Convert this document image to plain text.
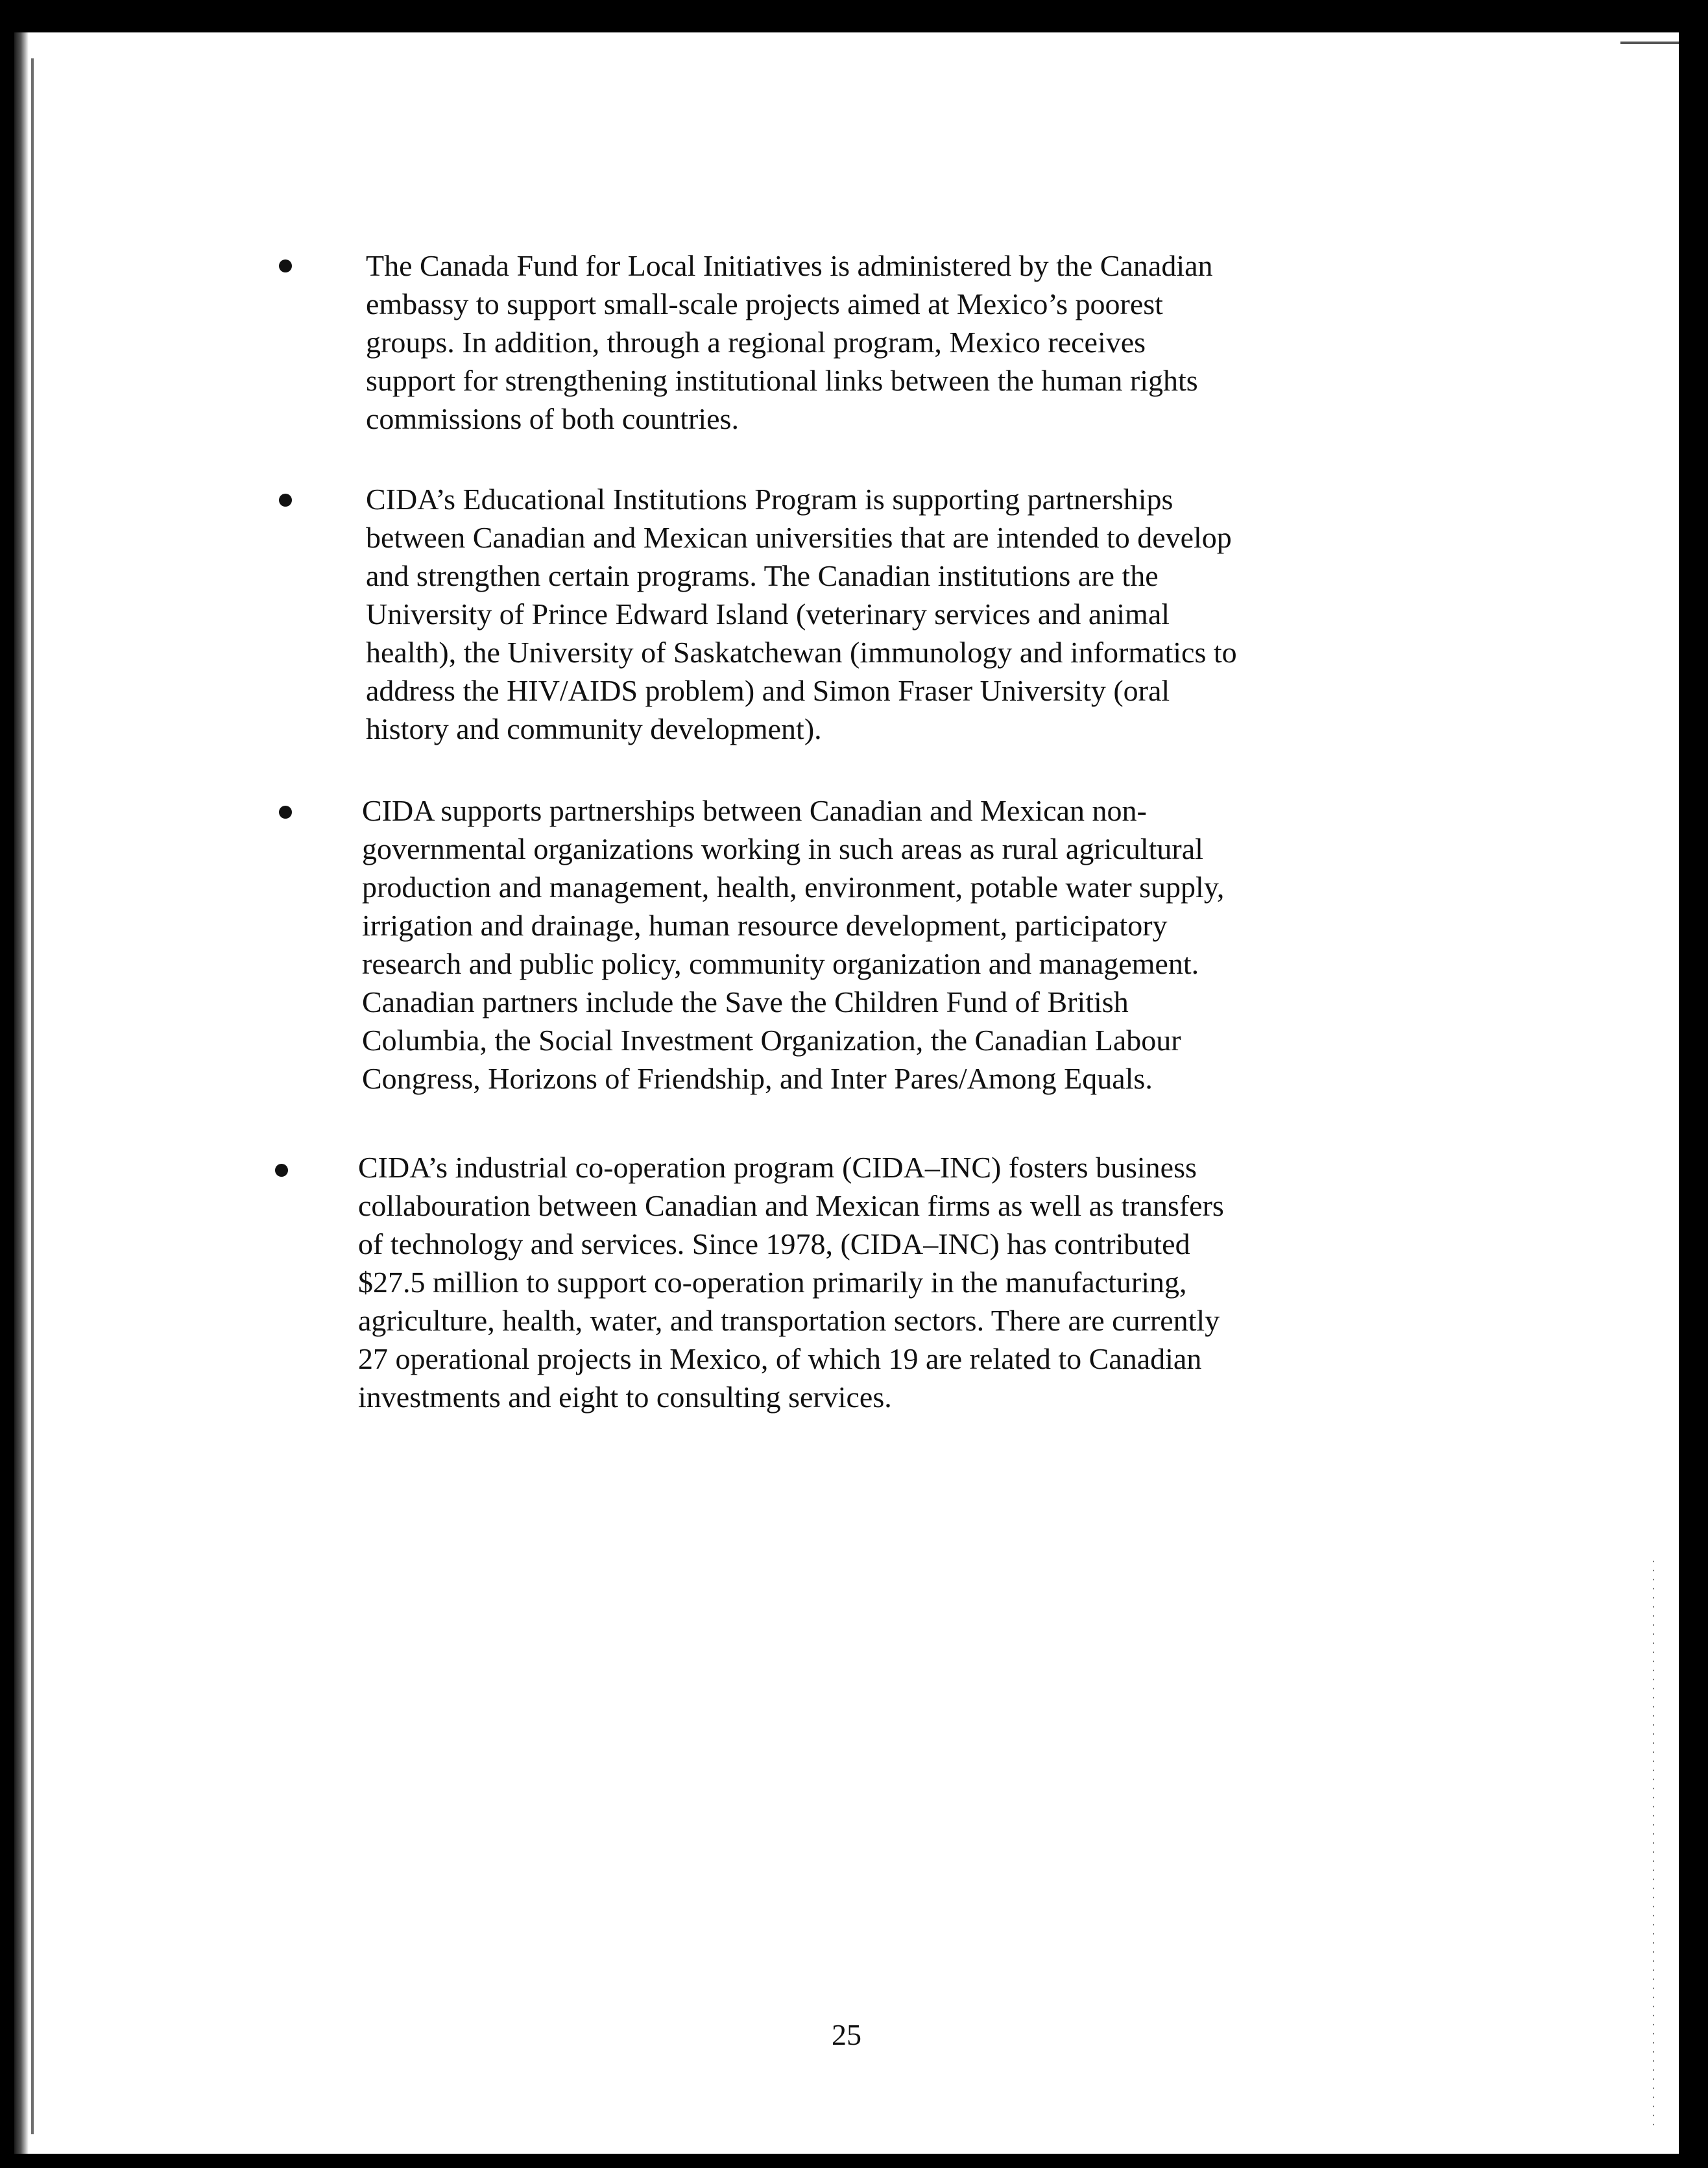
The Canada Fund for Local Initiatives is administered by the Canadian
embassy to support small-scale projects aimed at Mexico’s poorest
groups. In addition, through a regional program, Mexico receives
support for strengthening institutional links between the human rights
commissions of both countries.

CIDA’s Educational Institutions Program is supporting partnerships
between Canadian and Mexican universities that are intended to develop
and strengthen certain programs. The Canadian institutions are the
University of Prince Edward Island (veterinary services and animal
health), the University of Saskatchewan (immunology and informatics to
address the HIV/AIDS problem) and Simon Fraser University (oral
history and community development).

CIDA supports partnerships between Canadian and Mexican non-
governmental organizations working in such areas as rural agricultural
production and management, health, environment, potable water supply,
irrigation and drainage, human resource development, participatory
research and public policy, community organization and management.
Canadian partners include the Save the Children Fund of British
Columbia, the Social Investment Organization, the Canadian Labour
Congress, Horizons of Friendship, and Inter Pares/Among Equals.

CIDA’s industrial co-operation program (CIDA–INC) fosters business
collabouration between Canadian and Mexican firms as well as transfers
of technology and services. Since 1978, (CIDA–INC) has contributed
$27.5 million to support co-operation primarily in the manufacturing,
agriculture, health, water, and transportation sectors. There are currently
27 operational projects in Mexico, of which 19 are related to Canadian
investments and eight to consulting services.

25
